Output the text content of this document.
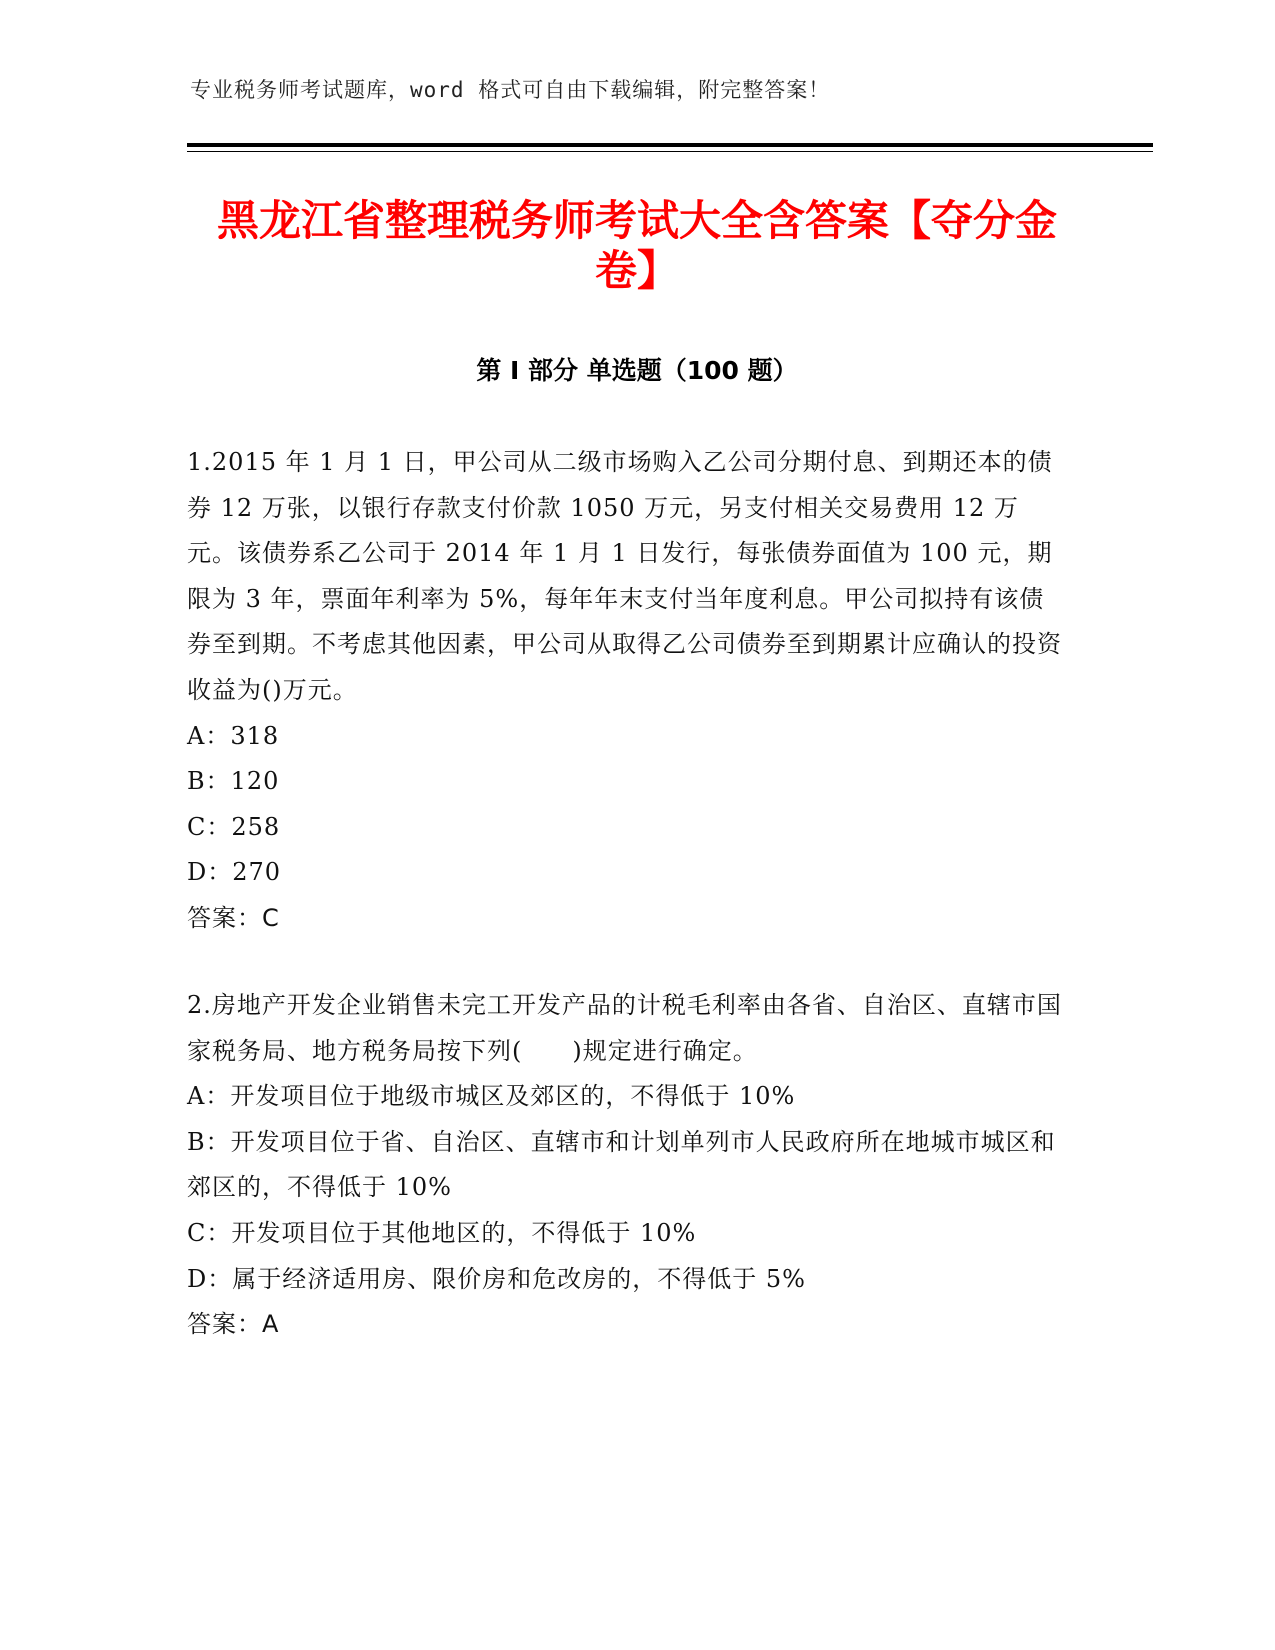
专业税务师考试题库，word 格式可自由下载编辑，附完整答案！
黑龙江省整理税务师考试大全含答案【夺分金卷】
第 I 部分 单选题（100 题）

1.2015 年 1 月 1 日，甲公司从二级市场购入乙公司分期付息、到期还本的债券 12 万张，以银行存款支付价款 1050 万元，另支付相关交易费用 12 万元。该债券系乙公司于 2014 年 1 月 1 日发行，每张债券面值为 100 元，期限为 3 年，票面年利率为 5%，每年年末支付当年度利息。甲公司拟持有该债券至到期。不考虑其他因素，甲公司从取得乙公司债券至到期累计应确认的投资收益为()万元。

A：318

B：120

C：258

D：270

答案：C

2.房地产开发企业销售未完工开发产品的计税毛利率由各省、自治区、直辖市国家税务局、地方税务局按下列(　　)规定进行确定。

A：开发项目位于地级市城区及郊区的，不得低于 10%

B：开发项目位于省、自治区、直辖市和计划单列市人民政府所在地城市城区和郊区的，不得低于 10%

C：开发项目位于其他地区的，不得低于 10%

D：属于经济适用房、限价房和危改房的，不得低于 5%

答案：A
